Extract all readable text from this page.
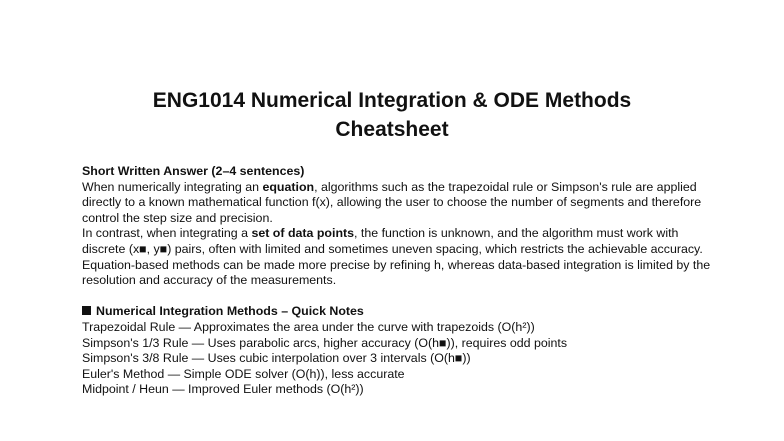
ENG1014 Numerical Integration & ODE Methods
Cheatsheet

Short Written Answer (2–4 sentences)

When numerically integrating an equation, algorithms such as the trapezoidal rule or Simpson's rule are applied directly to a known mathematical function f(x), allowing the user to choose the number of segments and therefore control the step size and precision.

In contrast, when integrating a set of data points, the function is unknown, and the algorithm must work with discrete (x■, y■) pairs, often with limited and sometimes uneven spacing, which restricts the achievable accuracy.

Equation-based methods can be made more precise by refining h, whereas data-based integration is limited by the resolution and accuracy of the measurements.

Numerical Integration Methods – Quick Notes

Trapezoidal Rule — Approximates the area under the curve with trapezoids (O(h²))
Simpson's 1/3 Rule — Uses parabolic arcs, higher accuracy (O(h■)), requires odd points
Simpson's 3/8 Rule — Uses cubic interpolation over 3 intervals (O(h■))
Euler's Method — Simple ODE solver (O(h)), less accurate
Midpoint / Heun — Improved Euler methods (O(h²))
